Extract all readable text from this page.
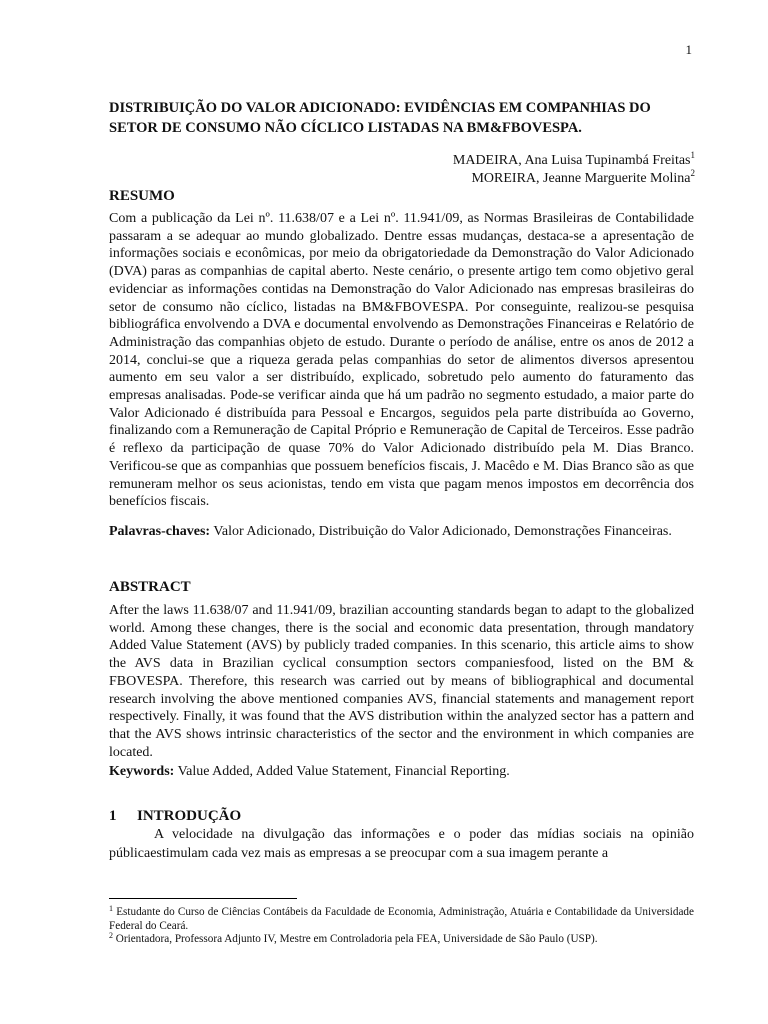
1
DISTRIBUIÇÃO DO VALOR ADICIONADO: EVIDÊNCIAS EM COMPANHIAS DO SETOR DE CONSUMO NÃO CÍCLICO LISTADAS NA BM&FBOVESPA.
MADEIRA, Ana Luisa Tupinambá Freitas$^1$
MOREIRA, Jeanne Marguerite Molina$^2$
RESUMO

Com a publicação da Lei nº. 11.638/07 e a Lei nº. 11.941/09, as Normas Brasileiras de Contabilidade passaram a se adequar ao mundo globalizado. Dentre essas mudanças, destaca-se a apresentação de informações sociais e econômicas, por meio da obrigatoriedade da Demonstração do Valor Adicionado (DVA) paras as companhias de capital aberto. Neste cenário, o presente artigo tem como objetivo geral evidenciar as informações contidas na Demonstração do Valor Adicionado nas empresas brasileiras do setor de consumo não cíclico, listadas na BM&FBOVESPA. Por conseguinte, realizou-se pesquisa bibliográfica envolvendo a DVA e documental envolvendo as Demonstrações Financeiras e Relatório de Administração das companhias objeto de estudo. Durante o período de análise, entre os anos de 2012 a 2014, conclui-se que a riqueza gerada pelas companhias do setor de alimentos diversos apresentou aumento em seu valor a ser distribuído, explicado, sobretudo pelo aumento do faturamento das empresas analisadas. Pode-se verificar ainda que há um padrão no segmento estudado, a maior parte do Valor Adicionado é distribuída para Pessoal e Encargos, seguidos pela parte distribuída ao Governo, finalizando com a Remuneração de Capital Próprio e Remuneração de Capital de Terceiros. Esse padrão é reflexo da participação de quase 70% do Valor Adicionado distribuído pela M. Dias Branco. Verificou-se que as companhias que possuem benefícios fiscais, J. Macêdo e M. Dias Branco são as que remuneram melhor os seus acionistas, tendo em vista que pagam menos impostos em decorrência dos benefícios fiscais.

Palavras-chaves: Valor Adicionado, Distribuição do Valor Adicionado, Demonstrações Financeiras.

ABSTRACT

After the laws 11.638/07 and 11.941/09, brazilian accounting standards began to adapt to the globalized world. Among these changes, there is the social and economic data presentation, through mandatory Added Value Statement (AVS) by publicly traded companies. In this scenario, this article aims to show the AVS data in Brazilian cyclical consumption sectors companiesfood, listed on the BM & FBOVESPA. Therefore, this research was carried out by means of bibliographical and documental research involving the above mentioned companies AVS, financial statements and management report respectively. Finally, it was found that the AVS distribution within the analyzed sector has a pattern and that the AVS shows intrinsic characteristics of the sector and the environment in which companies are located.

Keywords: Value Added, Added Value Statement, Financial Reporting.

1 INTRODUÇÃO

A velocidade na divulgação das informações e o poder das mídias sociais na opinião públicaestimulam cada vez mais as empresas a se preocupar com a sua imagem perante a

$^1$ Estudante do Curso de Ciências Contábeis da Faculdade de Economia, Administração, Atuária e Contabilidade da Universidade Federal do Ceará.

$^2$ Orientadora, Professora Adjunto IV, Mestre em Controladoria pela FEA, Universidade de São Paulo (USP).
